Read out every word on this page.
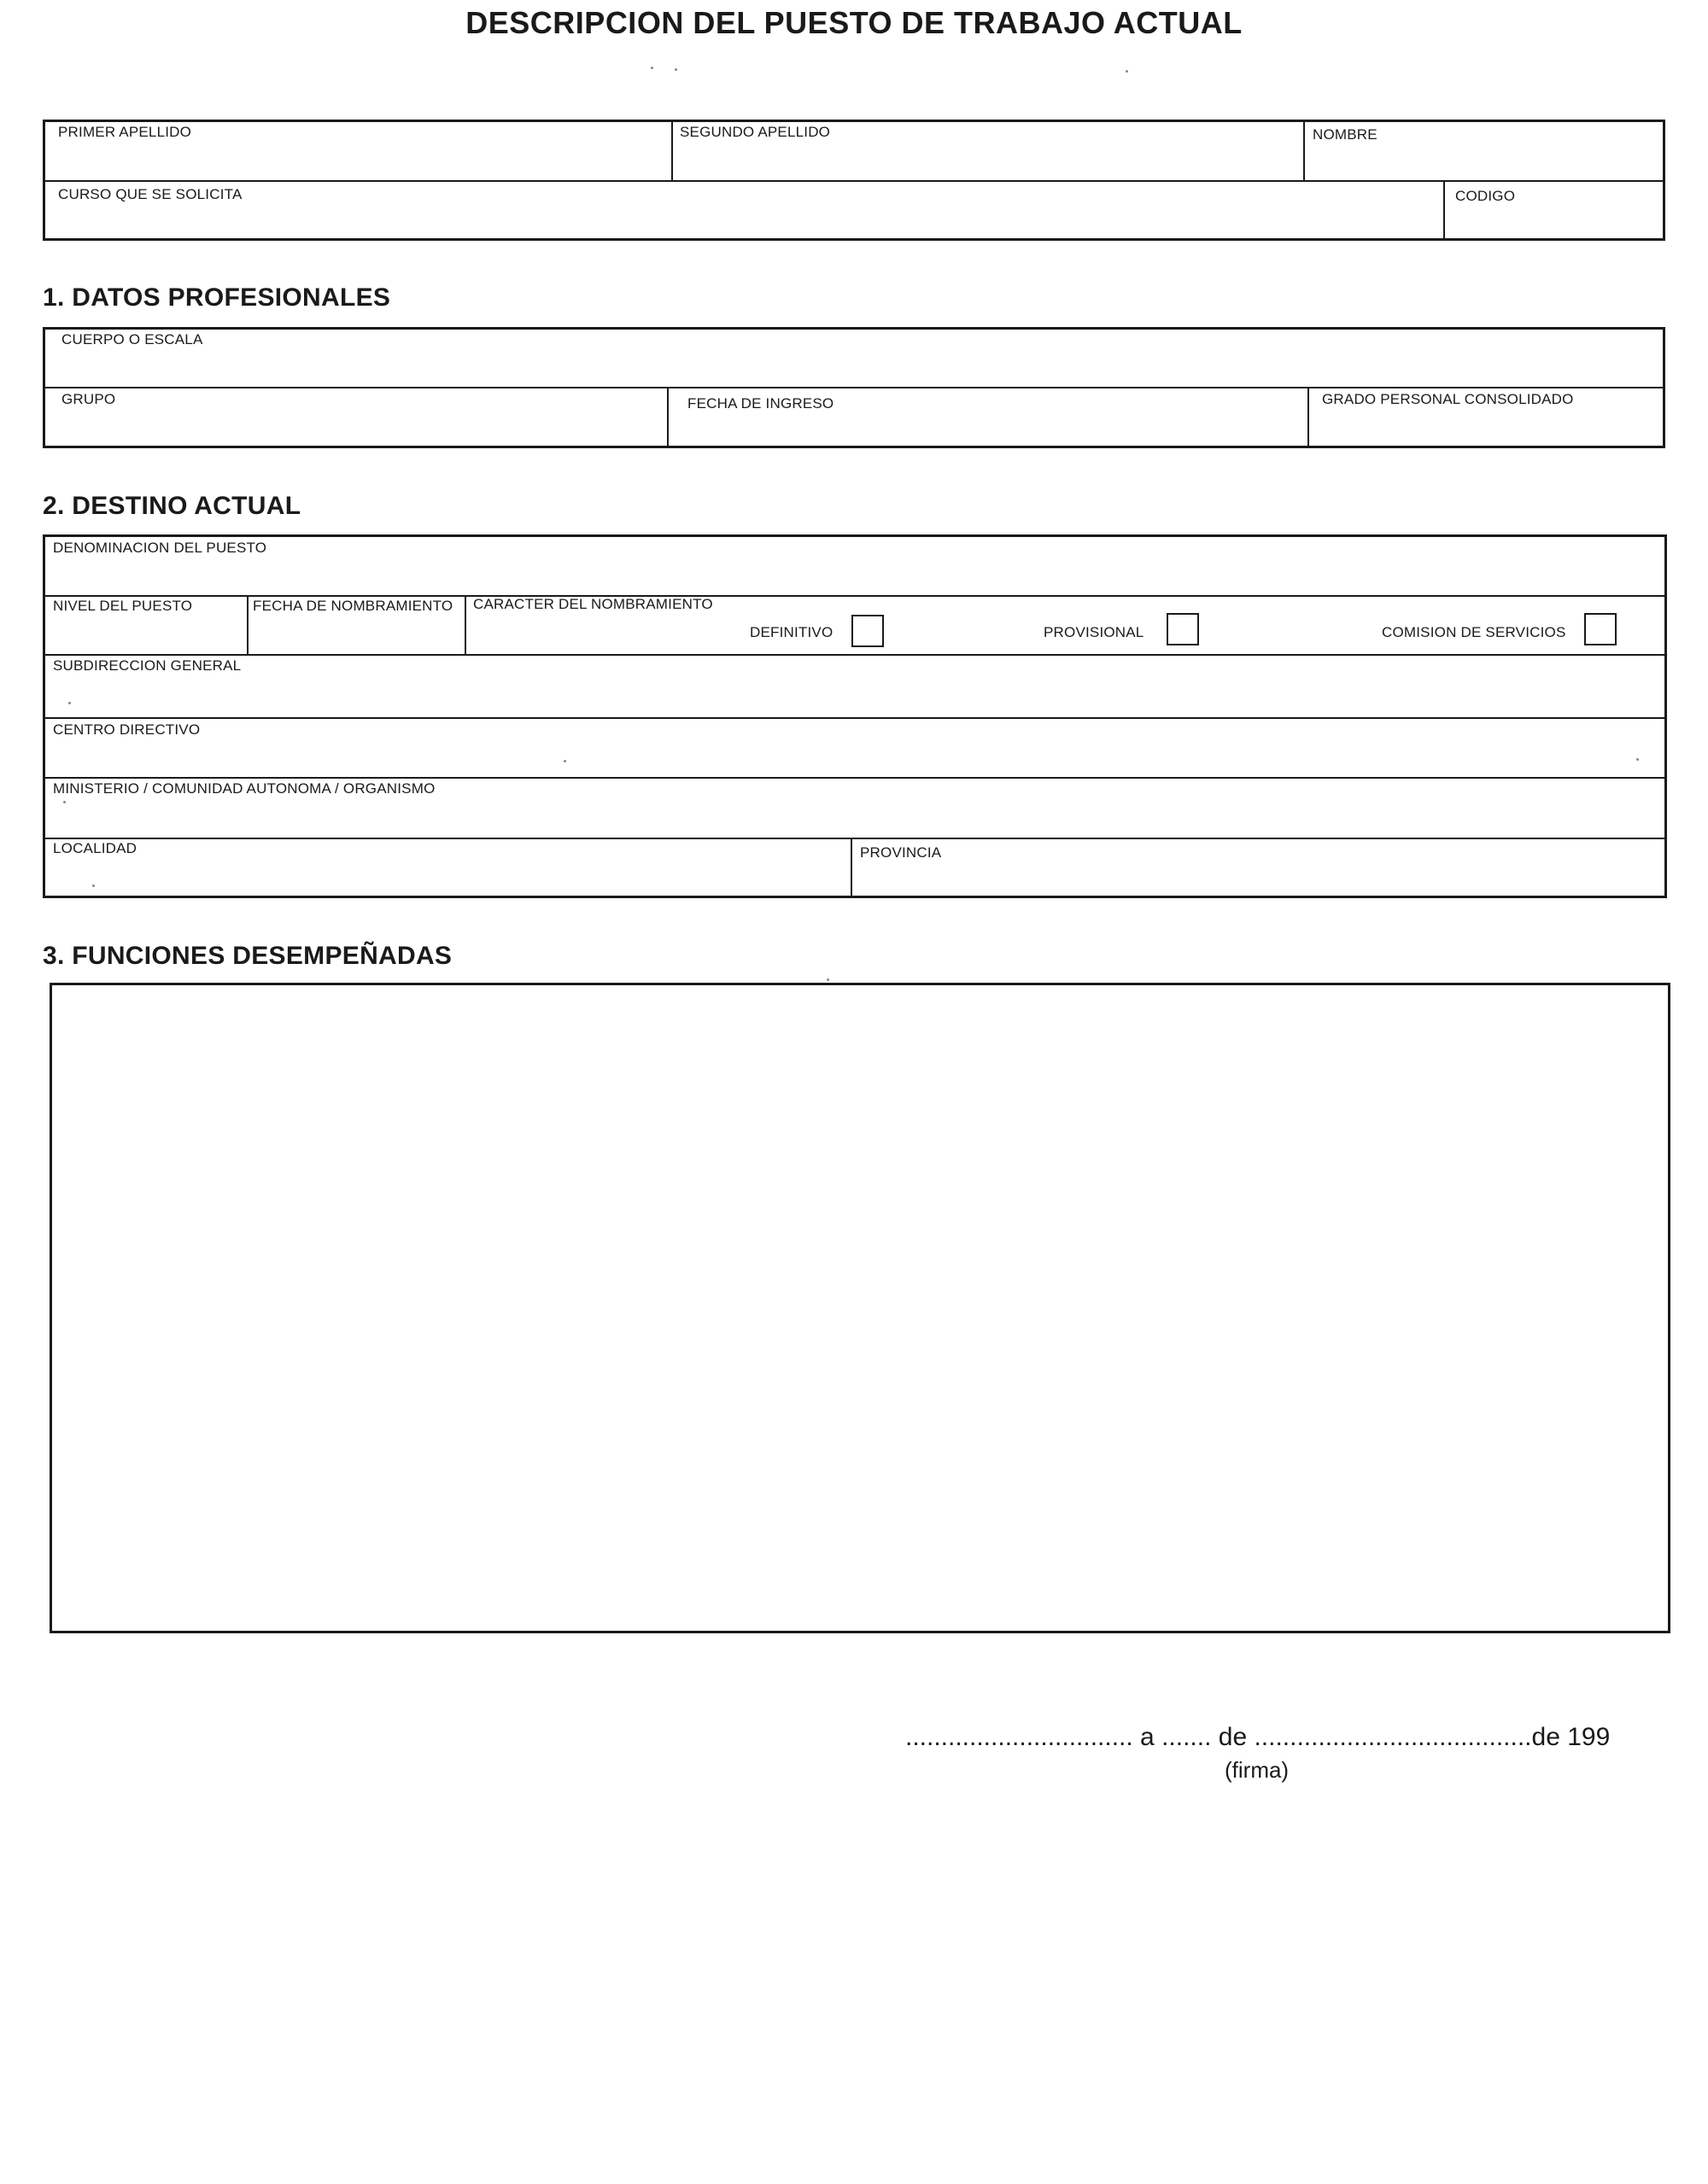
DESCRIPCION DEL PUESTO DE TRABAJO ACTUAL
PRIMER APELLIDO	SEGUNDO APELLIDO	NOMBRE
CURSO QUE SE SOLICITA	CODIGO
1. DATOS PROFESIONALES
CUERPO O ESCALA
GRUPO	FECHA DE INGRESO	GRADO PERSONAL CONSOLIDADO
2. DESTINO ACTUAL
DENOMINACION DEL PUESTO
NIVEL DEL PUESTO	FECHA DE NOMBRAMIENTO	CARACTER DEL NOMBRAMIENTO
DEFINITIVO	PROVISIONAL	COMISION DE SERVICIOS
SUBDIRECCION GENERAL
CENTRO DIRECTIVO
MINISTERIO / COMUNIDAD AUTONOMA / ORGANISMO
LOCALIDAD	PROVINCIA
3. FUNCIONES DESEMPEÑADAS
................................ a ....... de .......................................de 199
(firma)
